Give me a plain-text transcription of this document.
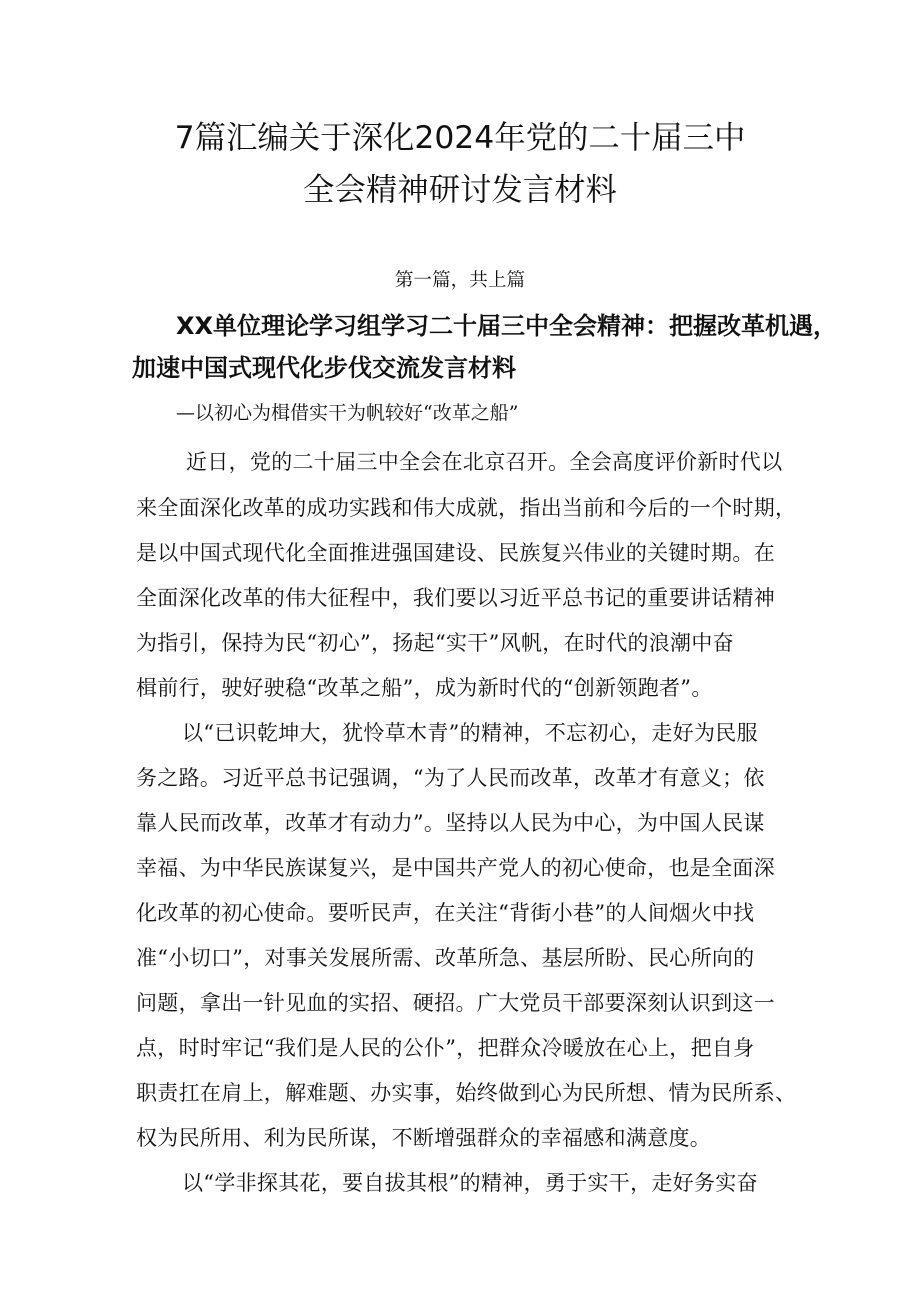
7篇汇编关于深化2024年党的二十届三中
全会精神研讨发言材料
第一篇，共上篇
XX单位理论学习组学习二十届三中全会精神：把握改革机遇，
加速中国式现代化步伐交流发言材料
—以初心为楫借实干为帆较好“改革之船”
近日，党的二十届三中全会在北京召开。全会高度评价新时代以
来全面深化改革的成功实践和伟大成就，指出当前和今后的一个时期，
是以中国式现代化全面推进强国建设、民族复兴伟业的关键时期。在
全面深化改革的伟大征程中，我们要以习近平总书记的重要讲话精神
为指引，保持为民“初心”，扬起“实干”风帆，在时代的浪潮中奋
楫前行，驶好驶稳“改革之船”，成为新时代的“创新领跑者”。
以“已识乾坤大，犹怜草木青”的精神，不忘初心，走好为民服
务之路。习近平总书记强调，“为了人民而改革，改革才有意义；依
靠人民而改革，改革才有动力”。坚持以人民为中心，为中国人民谋
幸福、为中华民族谋复兴，是中国共产党人的初心使命，也是全面深
化改革的初心使命。要听民声，在关注“背街小巷”的人间烟火中找
准“小切口”，对事关发展所需、改革所急、基层所盼、民心所向的
问题，拿出一针见血的实招、硬招。广大党员干部要深刻认识到这一
点，时时牢记“我们是人民的公仆”，把群众冷暖放在心上，把自身
职责扛在肩上，解难题、办实事，始终做到心为民所想、情为民所系、
权为民所用、利为民所谋，不断增强群众的幸福感和满意度。
以“学非探其花，要自拔其根”的精神，勇于实干，走好务实奋
